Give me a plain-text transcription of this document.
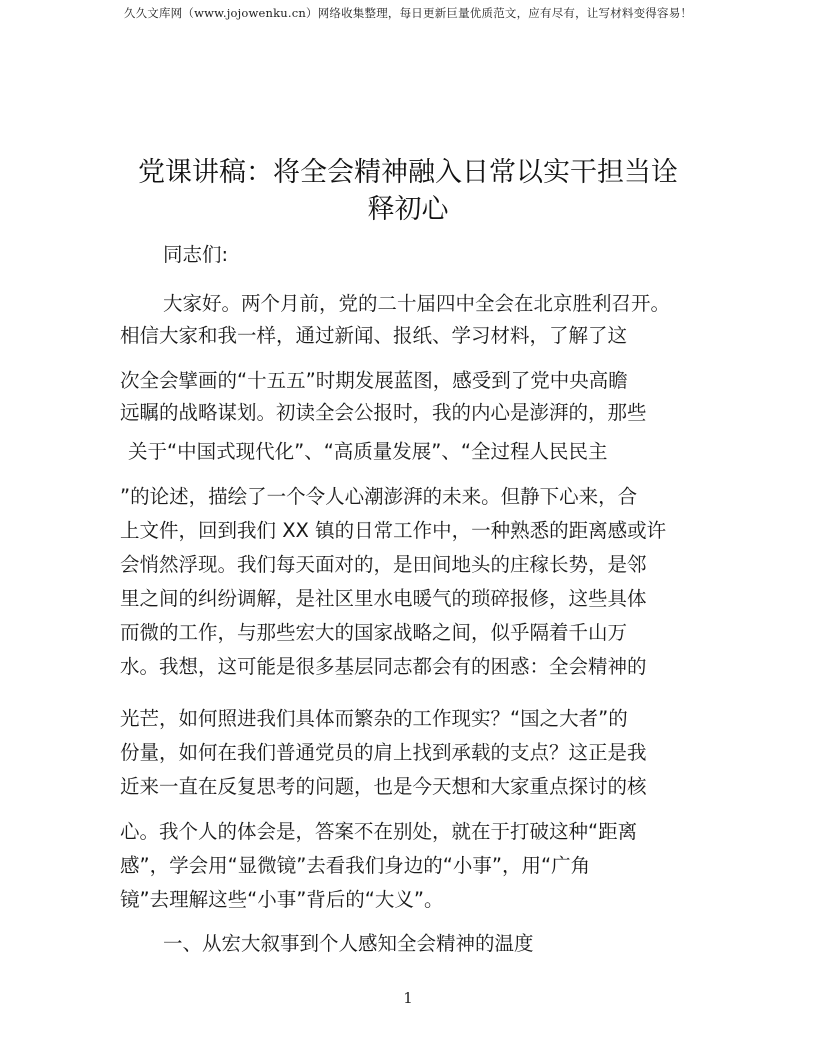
久久文库网（www.jojowenku.cn）网络收集整理，每日更新巨量优质范文，应有尽有，让写材料变得容易！
党课讲稿：将全会精神融入日常以实干担当诠
释初心
同志们:
大家好。两个月前，党的二十届四中全会在北京胜利召开。
相信大家和我一样，通过新闻、报纸、学习材料，了解了这
次全会擘画的“十五五”时期发展蓝图，感受到了党中央高瞻
远瞩的战略谋划。初读全会公报时，我的内心是澎湃的，那些
关于“中国式现代化”、“高质量发展”、“全过程人民民主
”的论述，描绘了一个令人心潮澎湃的未来。但静下心来，合
上文件，回到我们 XX 镇的日常工作中，一种熟悉的距离感或许
会悄然浮现。我们每天面对的，是田间地头的庄稼长势，是邻
里之间的纠纷调解，是社区里水电暖气的琐碎报修，这些具体
而微的工作，与那些宏大的国家战略之间，似乎隔着千山万
水。我想，这可能是很多基层同志都会有的困惑：全会精神的
光芒，如何照进我们具体而繁杂的工作现实？“国之大者”的
份量，如何在我们普通党员的肩上找到承载的支点？这正是我
近来一直在反复思考的问题，也是今天想和大家重点探讨的核
心。我个人的体会是，答案不在别处，就在于打破这种“距离
感”，学会用“显微镜”去看我们身边的“小事”，用“广角
镜”去理解这些“小事”背后的“大义”。
一、从宏大叙事到个人感知全会精神的温度
1
